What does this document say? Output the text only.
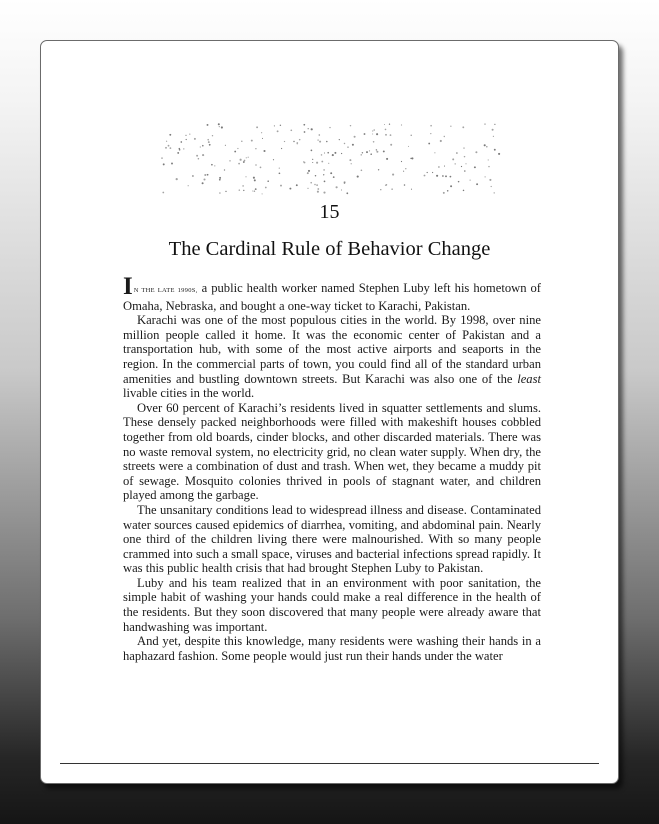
15
The Cardinal Rule of Behavior Change

IN THE LATE 1990S, a public health worker named Stephen Luby left his hometown of Omaha, Nebraska, and bought a one-way ticket to Karachi, Pakistan.

Karachi was one of the most populous cities in the world. By 1998, over nine million people called it home. It was the economic center of Pakistan and a transportation hub, with some of the most active airports and seaports in the region. In the commercial parts of town, you could find all of the standard urban amenities and bustling downtown streets. But Karachi was also one of the least livable cities in the world.

Over 60 percent of Karachi’s residents lived in squatter settlements and slums. These densely packed neighborhoods were filled with makeshift houses cobbled together from old boards, cinder blocks, and other discarded materials. There was no waste removal system, no electricity grid, no clean water supply. When dry, the streets were a combination of dust and trash. When wet, they became a muddy pit of sewage. Mosquito colonies thrived in pools of stagnant water, and children played among the garbage.

The unsanitary conditions lead to widespread illness and disease. Contaminated water sources caused epidemics of diarrhea, vomiting, and abdominal pain. Nearly one third of the children living there were malnourished. With so many people crammed into such a small space, viruses and bacterial infections spread rapidly. It was this public health crisis that had brought Stephen Luby to Pakistan.

Luby and his team realized that in an environment with poor sanitation, the simple habit of washing your hands could make a real difference in the health of the residents. But they soon discovered that many people were already aware that handwashing was important.

And yet, despite this knowledge, many residents were washing their hands in a haphazard fashion. Some people would just run their hands under the water
